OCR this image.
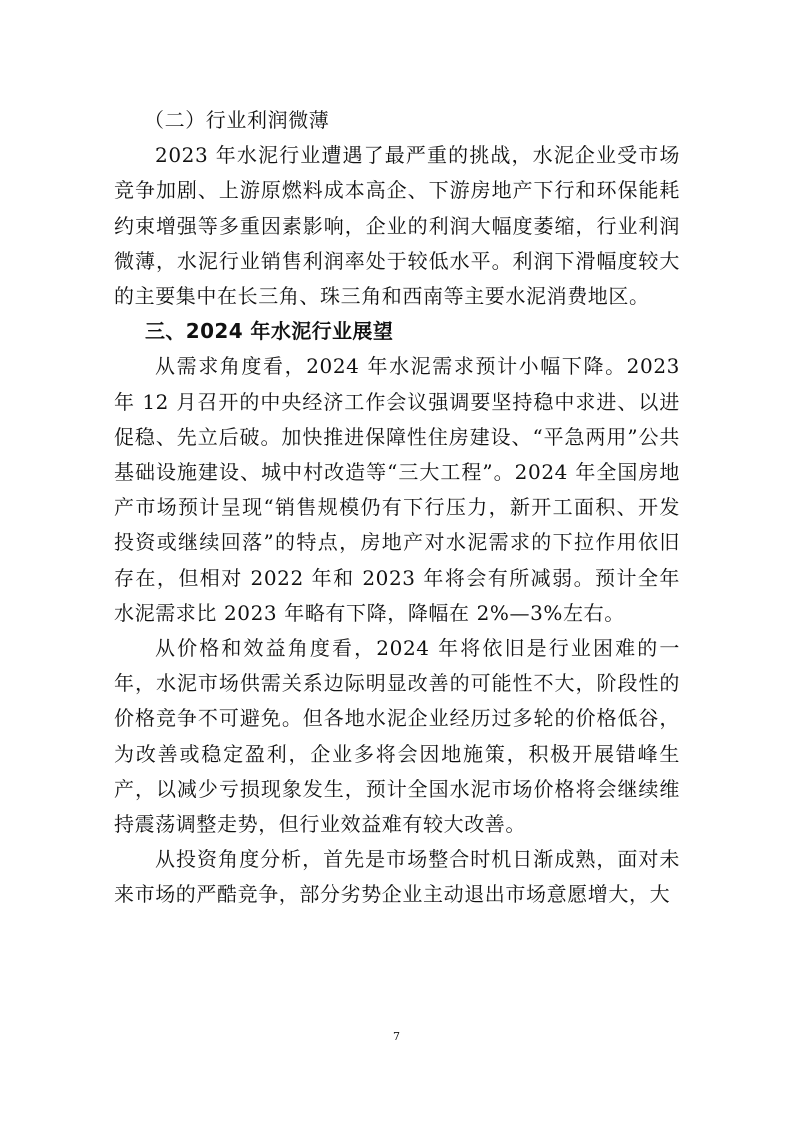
（二）行业利润微薄

2023 年水泥行业遭遇了最严重的挑战，水泥企业受市场竞争加剧、上游原燃料成本高企、下游房地产下行和环保能耗约束增强等多重因素影响，企业的利润大幅度萎缩，行业利润微薄，水泥行业销售利润率处于较低水平。利润下滑幅度较大的主要集中在长三角、珠三角和西南等主要水泥消费地区。

三、2024 年水泥行业展望

从需求角度看，2024 年水泥需求预计小幅下降。2023 年 12 月召开的中央经济工作会议强调要坚持稳中求进、以进促稳、先立后破。加快推进保障性住房建设、“平急两用”公共基础设施建设、城中村改造等“三大工程”。2024 年全国房地产市场预计呈现“销售规模仍有下行压力，新开工面积、开发投资或继续回落”的特点，房地产对水泥需求的下拉作用依旧存在，但相对 2022 年和 2023 年将会有所减弱。预计全年水泥需求比 2023 年略有下降，降幅在 2%—3%左右。

从价格和效益角度看，2024 年将依旧是行业困难的一年，水泥市场供需关系边际明显改善的可能性不大，阶段性的价格竞争不可避免。但各地水泥企业经历过多轮的价格低谷，为改善或稳定盈利，企业多将会因地施策，积极开展错峰生产，以减少亏损现象发生，预计全国水泥市场价格将会继续维持震荡调整走势，但行业效益难有较大改善。

从投资角度分析，首先是市场整合时机日渐成熟，面对未来市场的严酷竞争，部分劣势企业主动退出市场意愿增大，大

7
